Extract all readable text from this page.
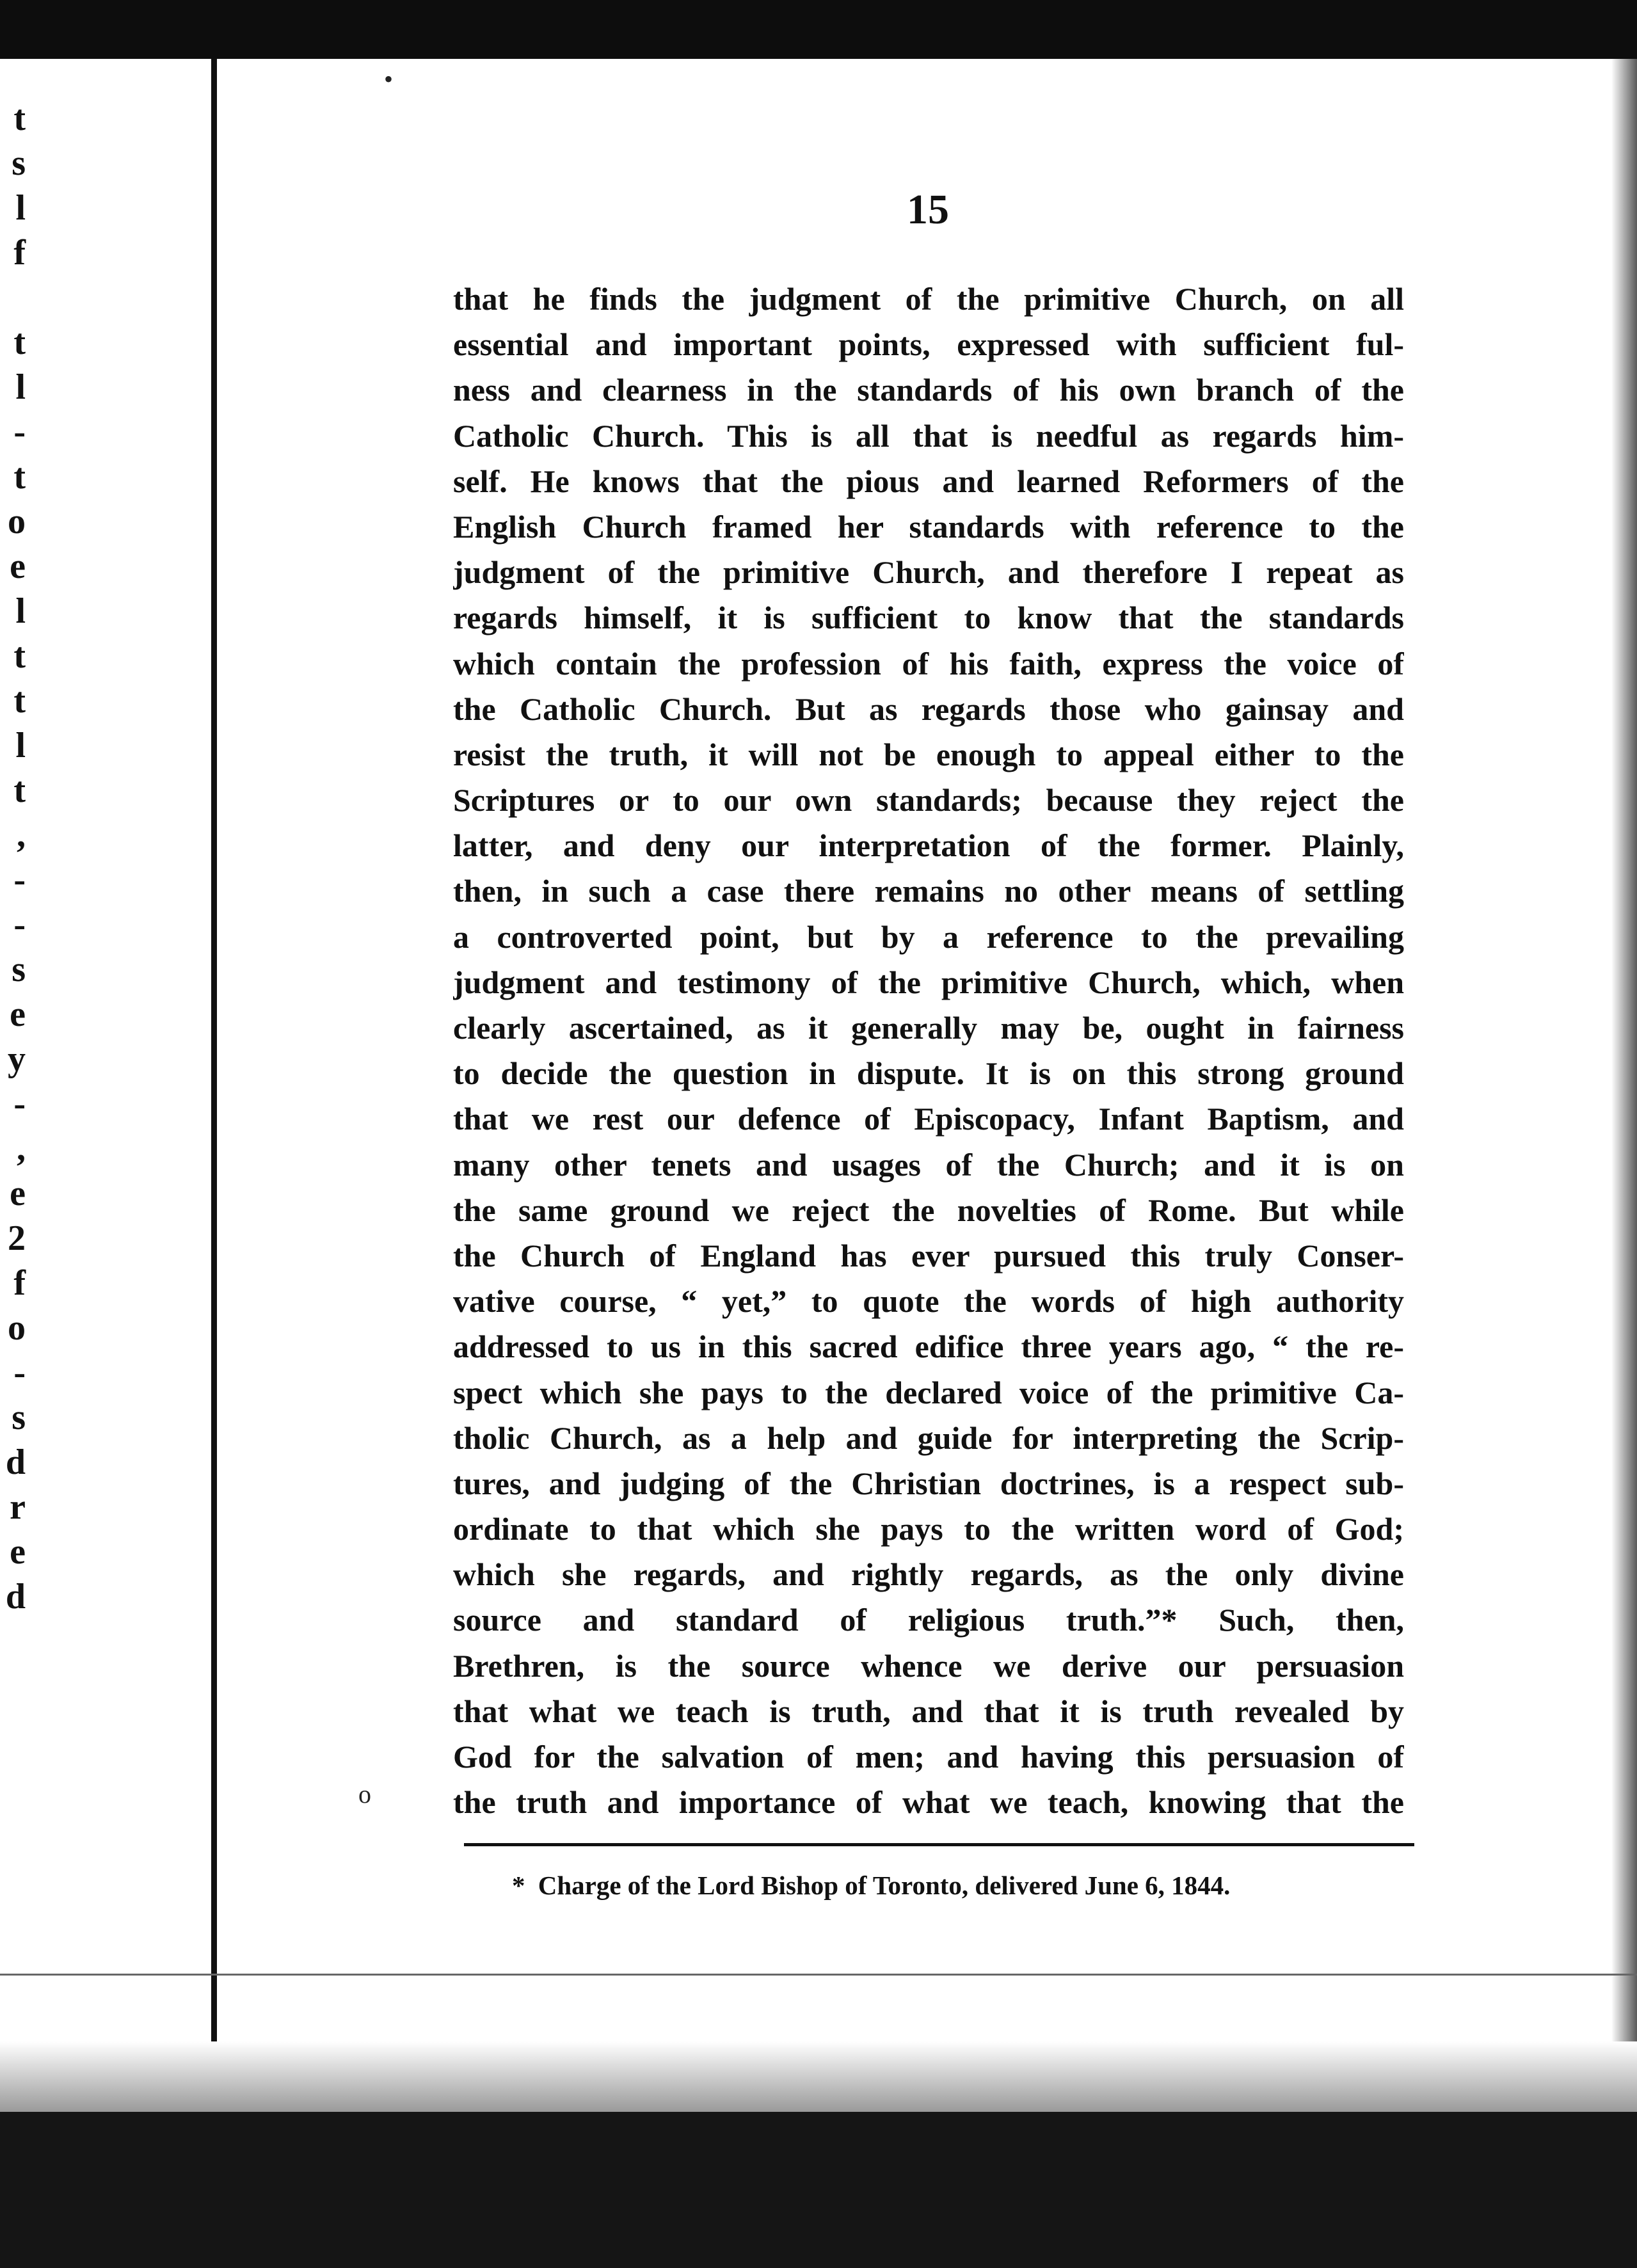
t
s
l
f
t
l
-
t
o
e
l
t
t
l
t
,
-
-
s
e
y
-
,
e
2
f
o
-
s
d
r
e
d
15
that he finds the judgment of the primitive Church, on all
essential and important points, expressed with sufficient ful-
ness and clearness in the standards of his own branch of the
Catholic Church. This is all that is needful as regards him-
self. He knows that the pious and learned Reformers of the
English Church framed her standards with reference to the
judgment of the primitive Church, and therefore I repeat as
regards himself, it is sufficient to know that the standards
which contain the profession of his faith, express the voice of
the Catholic Church. But as regards those who gainsay and
resist the truth, it will not be enough to appeal either to the
Scriptures or to our own standards; because they reject the
latter, and deny our interpretation of the former. Plainly,
then, in such a case there remains no other means of settling
a controverted point, but by a reference to the prevailing
judgment and testimony of the primitive Church, which, when
clearly ascertained, as it generally may be, ought in fairness
to decide the question in dispute. It is on this strong ground
that we rest our defence of Episcopacy, Infant Baptism, and
many other tenets and usages of the Church; and it is on
the same ground we reject the novelties of Rome. But while
the Church of England has ever pursued this truly Conser-
vative course, “ yet,” to quote the words of high authority
addressed to us in this sacred edifice three years ago, “ the re-
spect which she pays to the declared voice of the primitive Ca-
tholic Church, as a help and guide for interpreting the Scrip-
tures, and judging of the Christian doctrines, is a respect sub-
ordinate to that which she pays to the written word of God;
which she regards, and rightly regards, as the only divine
source and standard of religious truth.”* Such, then,
Brethren, is the source whence we derive our persuasion
that what we teach is truth, and that it is truth revealed by
God for the salvation of men; and having this persuasion of
the truth and importance of what we teach, knowing that the
* Charge of the Lord Bishop of Toronto, delivered June 6, 1844.
o
•
